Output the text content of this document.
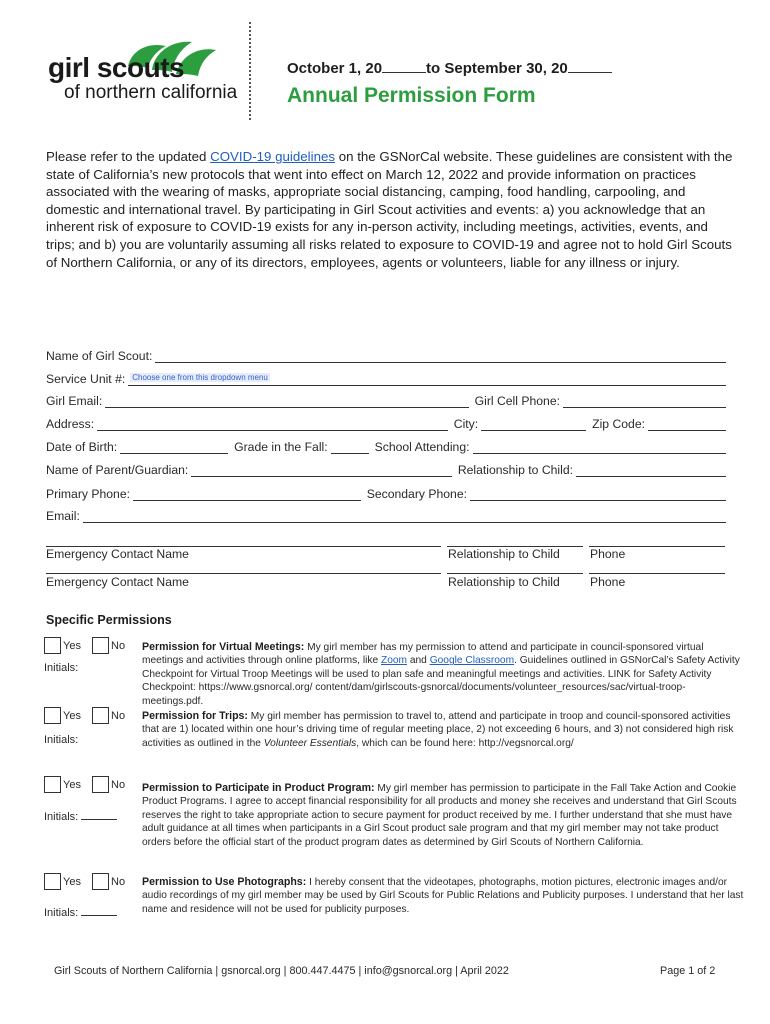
girl scouts
of northern california
October 1, 20	to September 30, 20
Annual Permission Form
Please refer to the updated COVID-19 guidelines on the GSNorCal website. These guidelines are consistent with the state of California’s new protocols that went into effect on March 12, 2022 and provide information on practices associated with the wearing of masks, appropriate social distancing, camping, food handling, carpooling, and domestic and international travel. By participating in Girl Scout activities and events: a) you acknowledge that an inherent risk of exposure to COVID-19 exists for any in-person activity, including meetings, activities, events, and trips; and b) you are voluntarily assuming all risks related to exposure to COVID-19 and agree not to hold Girl Scouts of Northern California, or any of its directors, employees, agents or volunteers, liable for any illness or injury.
Name of Girl Scout:
Service Unit #: Choose one from this dropdown menu
Girl Email:	Girl Cell Phone:
Address:	City:	Zip Code:
Date of Birth:	Grade in the Fall:	School Attending:
Name of Parent/Guardian:	Relationship to Child:
Primary Phone:	Secondary Phone:
Email:
Emergency Contact Name	Relationship to Child Phone
Emergency Contact Name	Relationship to Child Phone
Specific Permissions
Yes	No
Initials:
Permission for Virtual Meetings: My girl member has my permission to attend and participate in council-sponsored virtual meetings and activities through online platforms, like Zoom and Google Classroom. Guidelines outlined in GSNorCal’s Safety Activity Checkpoint for Virtual Troop Meetings will be used to plan safe and meaningful meetings and activities. LINK for Safety Activity Checkpoint: https://www.gsnorcal.org/ content/dam/girlscouts-gsnorcal/documents/volunteer_resources/sac/virtual-troop-meetings.pdf.
Yes	No
Initials:
Permission for Trips: My girl member has permission to travel to, attend and participate in troop and council-sponsored activities that are 1) located within one hour’s driving time of regular meeting place, 2) not exceeding 6 hours, and 3) not considered high risk activities as outlined in the Volunteer Essentials, which can be found here: http://vegsnorcal.org/
Yes	No
Initials:
Permission to Participate in Product Program: My girl member has permission to participate in the Fall Take Action and Cookie Product Programs. I agree to accept financial responsibility for all products and money she receives and understand that Girl Scouts reserves the right to take appropriate action to secure payment for product received by me. I further understand that she must have adult guidance at all times when participants in a Girl Scout product sale program and that my girl member may not take product orders before the official start of the product program dates as determined by Girl Scouts of Northern California.
Yes	No
Initials:
Permission to Use Photographs: I hereby consent that the videotapes, photographs, motion pictures, electronic images and/or audio recordings of my girl member may be used by Girl Scouts for Public Relations and Publicity purposes. I understand that her last name and residence will not be used for publicity purposes.
Girl Scouts of Northern California | gsnorcal.org | 800.447.4475 | info@gsnorcal.org | April 2022	Page 1 of 2
